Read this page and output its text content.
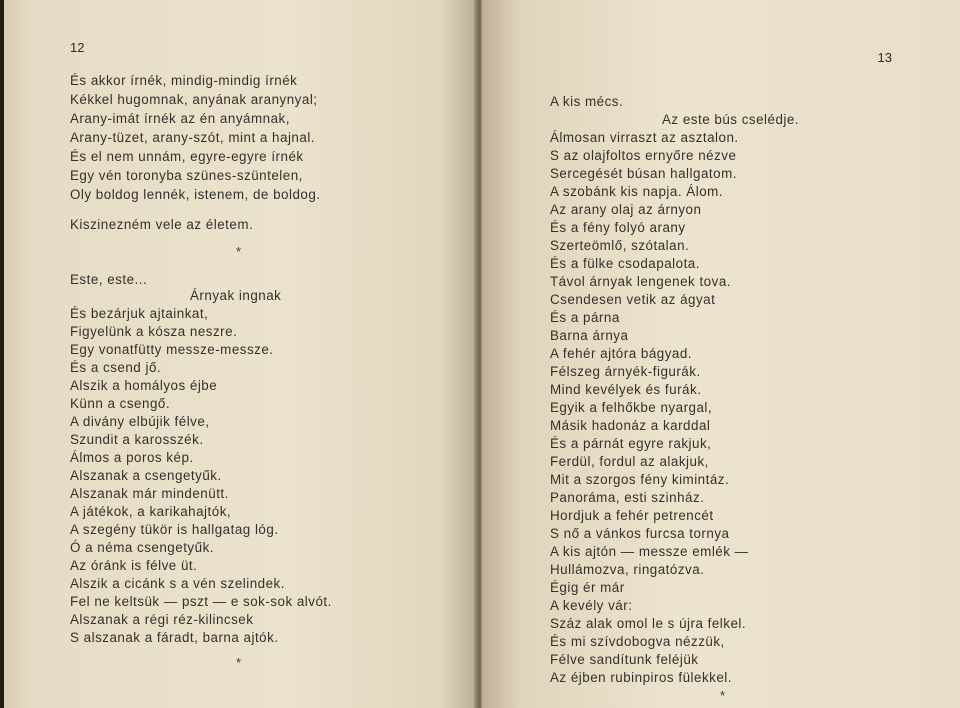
12
És akkor írnék, mindig-mindig írnék
Kékkel hugomnak, anyának aranynyal;
Arany-imát írnék az én anyámnak,
Arany-tüzet, arany-szót, mint a hajnal.
És el nem unnám, egyre-egyre írnék
Egy vén toronyba szünes-szüntelen,
Oly boldog lennék, istenem, de boldog.
Kiszinezném vele az életem.
*
Este, este...
Árnyak ingnak
És bezárjuk ajtainkat,
Figyelünk a kósza neszre.
Egy vonatfütty messze-messze.
És a csend jő.
Alszik a homályos éjbe
Künn a csengő.
A divány elbújik félve,
Szundit a karosszék.
Álmos a poros kép.
Alszanak a csengetyűk.
Alszanak már mindenütt.
A játékok, a karikahajtók,
A szegény tükör is hallgatag lóg.
Ó a néma csengetyűk.
Az óránk is félve üt.
Alszik a cicánk s a vén szelindek.
Fel ne keltsük — pszt — e sok-sok alvót.
Alszanak a régi réz-kilincsek
S alszanak a fáradt, barna ajtók.
*
13
A kis mécs.
Az este bús cselédje.
Álmosan virraszt az asztalon.
S az olajfoltos ernyőre nézve
Sercegését búsan hallgatom.
A szobánk kis napja. Álom.
Az arany olaj az árnyon
És a fény folyó arany
Szerteömlő, szótalan.
És a fülke csodapalota.
Távol árnyak lengenek tova.
Csendesen vetik az ágyat
És a párna
Barna árnya
A fehér ajtóra bágyad.
Félszeg árnyék-figurák.
Mind kevélyek és furák.
Egyik a felhőkbe nyargal,
Másik hadonáz a karddal
És a párnát egyre rakjuk,
Ferdül, fordul az alakjuk,
Mit a szorgos fény kimintáz.
Panoráma, esti szinház.
Hordjuk a fehér petrencét
S nő a vánkos furcsa tornya
A kis ajtón — messze emlék —
Hullámozva, ringatózva.
Égig ér már
A kevély vár:
Száz alak omol le s újra felkel.
És mi szívdobogva nézzük,
Félve sandítunk feléjük
Az éjben rubinpiros fülekkel.
*
